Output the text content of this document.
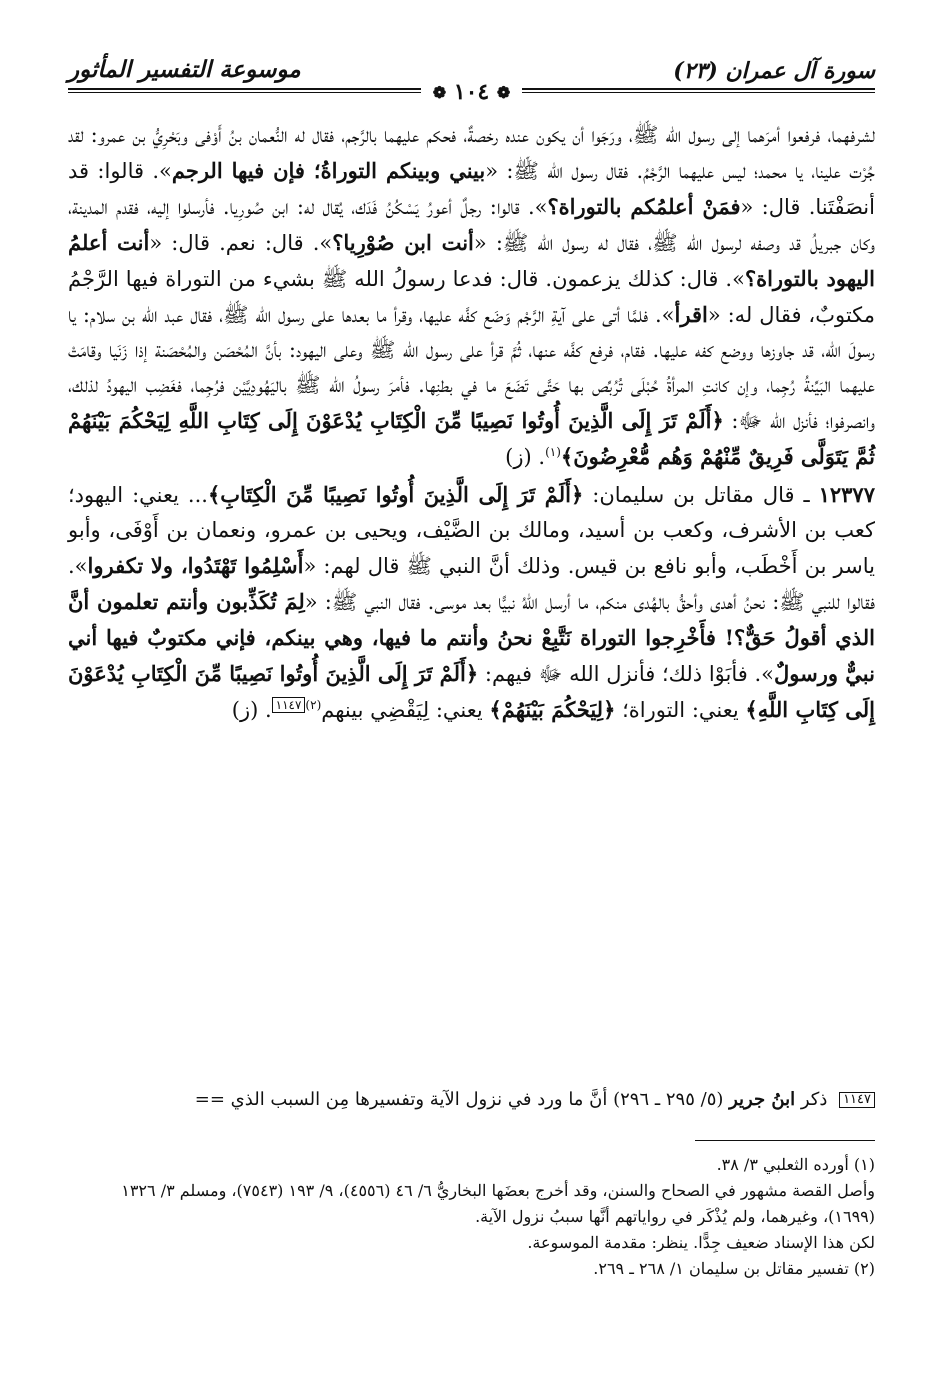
سورة آل عمران (٢٣)
موسوعة التفسير المأثور
❁ ١٠٤ ❁

لشرفهما، فرفعوا أمرَهما إلى رسول الله ﷺ، ورَجَوا أن يكون عنده رخصةٌ، فحكم عليهما بالرَّجم، فقال له النُّعمان بنُ أَوْفى وبَحْرِيُّ بن عمرو: لقد جُرْت علينا، يا محمد؛ ليس عليهما الرَّجْمُ. فقال رسول الله ﷺ: «بيني وبينكم التوراةُ؛ فإن فيها الرجم». قالوا: قد أنصَفْتَنا. قال: «فمَنْ أعلمُكم بالتوراة؟». قالوا: رجلٌ أعورُ يَسْكُنُ فَدَك، يُقال له: ابن صُورِيا. فأرسلوا إليه، فقدم المدينة، وكان جبريلُ قد وصفه لرسول الله ﷺ، فقال له رسول الله ﷺ: «أنت ابن صُوْرِيا؟». قال: نعم. قال: «أنت أعلمُ اليهود بالتوراة؟». قال: كذلك يزعمون. قال: فدعا رسولُ الله ﷺ بشيء من التوراة فيها الرَّجْمُ مكتوبٌ، فقال له: «اقرأ». فلمَّا أتى على آيةِ الرَّجْم وَضَع كفَّه عليها، وقرأ ما بعدها على رسول الله ﷺ، فقال عبد الله بن سلام: يا رسولَ الله، قد جاوزها ووضع كفه عليها. فقام، فرفع كفَّه عنها، ثُمَّ قرأ على رسول الله ﷺ وعلى اليهود: بأنَّ المُحْصَن والمُحْصَنة إذا زَنَيا وقامَتْ عليهما البَيِّنةُ رُجِما، وإن كانتِ المرأةُ حُبْلَى تُرُبِّص بها حَتَّى تَضَعَ ما في بطنِها. فأمرَ رسولُ الله ﷺ باليَهُودِيَّيْن فرُجِما، فغَضِب اليهودُ لذلك، وانصرفوا؛ فأنزل الله ﷻ: ﴿أَلَمْ تَرَ إِلَى الَّذِينَ أُوتُوا نَصِيبًا مِّنَ الْكِتَابِ يُدْعَوْنَ إِلَى كِتَابِ اللَّهِ لِيَحْكُمَ بَيْنَهُمْ ثُمَّ يَتَوَلَّى فَرِيقٌ مِّنْهُمْ وَهُم مُّعْرِضُونَ﴾$^{(١)}$. (ز)

١٢٣٧٧ ـ قال مقاتل بن سليمان: ﴿أَلَمْ تَرَ إِلَى الَّذِينَ أُوتُوا نَصِيبًا مِّنَ الْكِتَابِ﴾... يعني: اليهود؛ كعب بن الأشرف، وكعب بن أسيد، ومالك بن الضَّيْف، ويحيى بن عمرو، ونعمان بن أَوْفَى، وأبو ياسر بن أَخْطَب، وأبو نافع بن قيس. وذلك أنَّ النبي ﷺ قال لهم: «أَسْلِمُوا تَهْتَدُوا، ولا تكفروا». فقالوا للنبي ﷺ: نحنُ أهدى وأحقُّ بالهُدى منكم، ما أرسل اللهُ نبيًّا بعد موسى. فقال النبي ﷺ: «لِمَ تُكَذِّبون وأنتم تعلمون أنَّ الذي أقولُ حَقٌّ؟! فأَخْرِجوا التوراة نَتَّبِعْ نحنُ وأنتم ما فيها، وهي بينكم، فإني مكتوبٌ فيها أني نبيٌّ ورسولٌ». فأبَوْا ذلك؛ فأنزل الله ﷻ فيهم: ﴿أَلَمْ تَرَ إِلَى الَّذِينَ أُوتُوا نَصِيبًا مِّنَ الْكِتَابِ يُدْعَوْنَ إِلَى كِتَابِ اللَّهِ﴾ يعني: التوراة؛ ﴿لِيَحْكُمَ بَيْنَهُمْ﴾ يعني: لِيَقْضِي بينهم$^{(٢)}$١١٤٧. (ز)

١١٤٧ ذكر ابنُ جرير (٥/ ٢٩٥ ـ ٢٩٦) أنَّ ما ورد في نزول الآية وتفسيرها مِن السبب الذي ==

(١) أورده الثعلبي ٣/ ٣٨.

وأصل القصة مشهور في الصحاح والسنن، وقد أخرج بعضَها البخاريُّ ٦/ ٤٦ (٤٥٥٦)، ٩/ ١٩٣ (٧٥٤٣)، ومسلم ٣/ ١٣٢٦ (١٦٩٩)، وغيرهما، ولم يُذْكَر في رواياتهم أنَّها سببُ نزول الآية.

لكن هذا الإسناد ضعيف جِدًّا. ينظر: مقدمة الموسوعة.

(٢) تفسير مقاتل بن سليمان ١/ ٢٦٨ ـ ٢٦٩.
